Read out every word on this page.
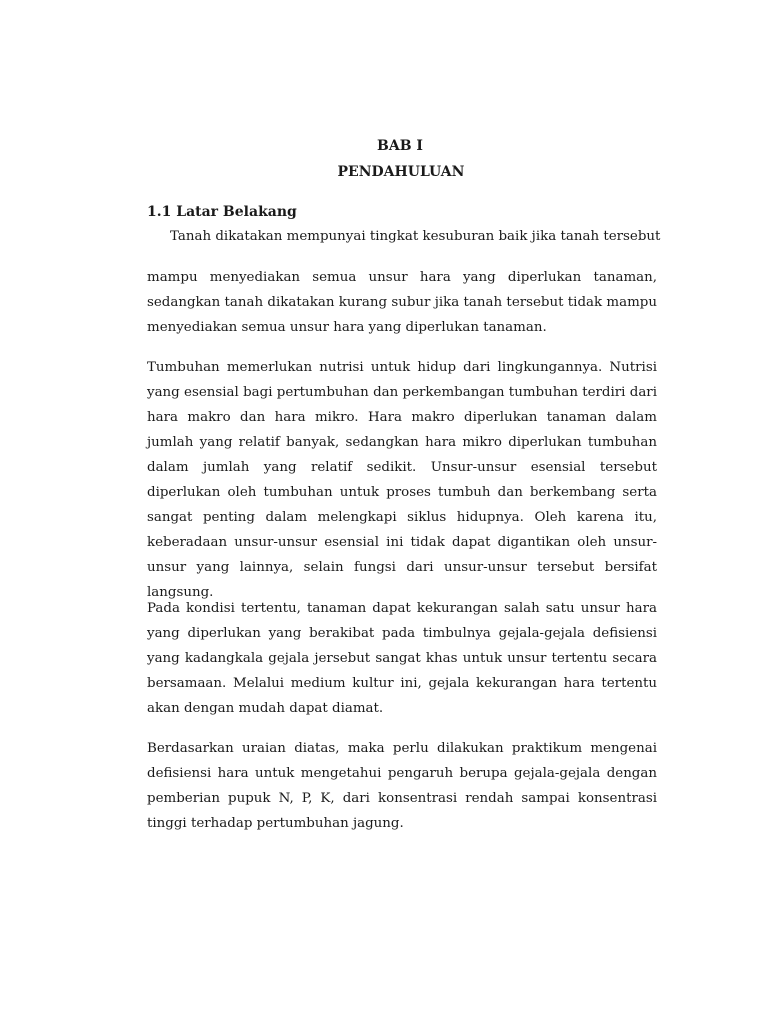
BAB I
PENDAHULUAN
1.1 Latar Belakang
Tanah dikatakan mempunyai tingkat kesuburan baik jika tanah tersebut

mampu menyediakan semua unsur hara yang diperlukan tanaman, sedangkan tanah dikatakan kurang subur jika tanah tersebut tidak mampu menyediakan semua unsur hara yang diperlukan tanaman.

Tumbuhan memerlukan nutrisi untuk hidup dari lingkungannya. Nutrisi yang esensial bagi pertumbuhan dan perkembangan tumbuhan terdiri dari hara makro dan hara mikro. Hara makro diperlukan tanaman dalam jumlah yang relatif banyak, sedangkan hara mikro diperlukan tumbuhan dalam jumlah yang relatif sedikit. Unsur-unsur esensial tersebut diperlukan oleh tumbuhan untuk proses tumbuh dan berkembang serta sangat penting dalam melengkapi siklus hidupnya. Oleh karena itu, keberadaan unsur-unsur esensial ini tidak dapat digantikan oleh unsur-unsur yang lainnya, selain fungsi dari unsur-unsur tersebut bersifat langsung.

Pada kondisi tertentu, tanaman dapat kekurangan salah satu unsur hara yang diperlukan yang berakibat pada timbulnya gejala-gejala defisiensi yang kadangkala gejala jersebut sangat khas untuk unsur tertentu secara bersamaan. Melalui medium kultur ini, gejala kekurangan hara tertentu akan dengan mudah dapat diamat.

Berdasarkan uraian diatas, maka perlu dilakukan praktikum mengenai defisiensi hara untuk mengetahui pengaruh berupa gejala-gejala dengan pemberian pupuk N, P, K, dari konsentrasi rendah sampai konsentrasi tinggi terhadap pertumbuhan jagung.
